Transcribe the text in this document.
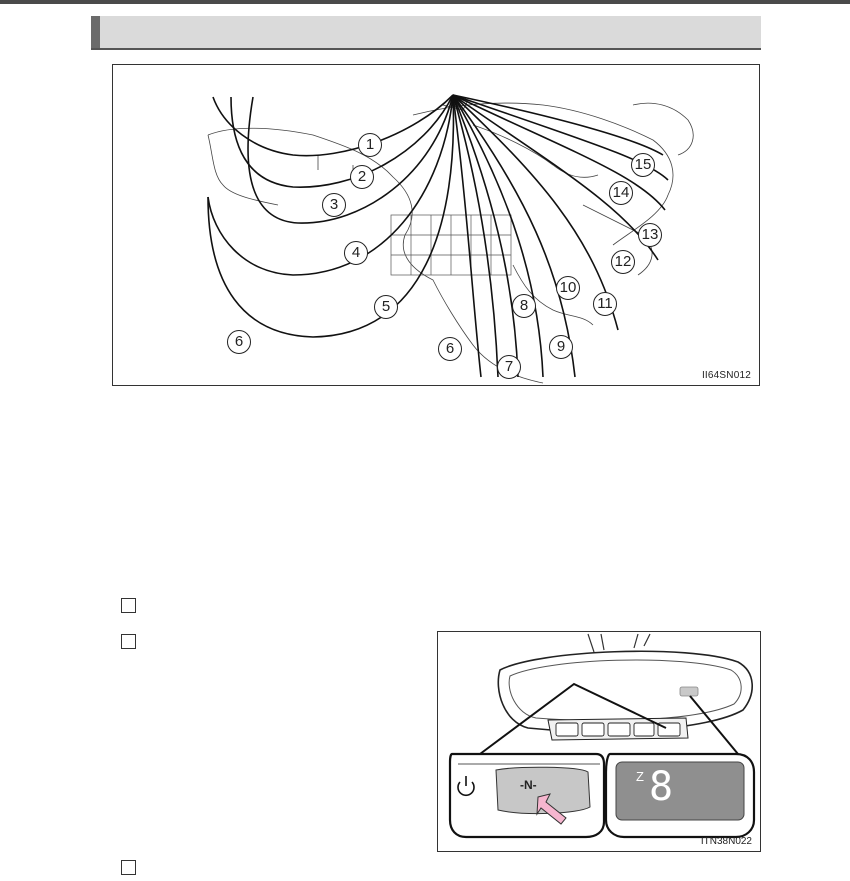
1
2
3
4
5
6	6
7
8
9
10
11
12
13
14
15
II64SN012
Z 8
-N-
ITN38N022
